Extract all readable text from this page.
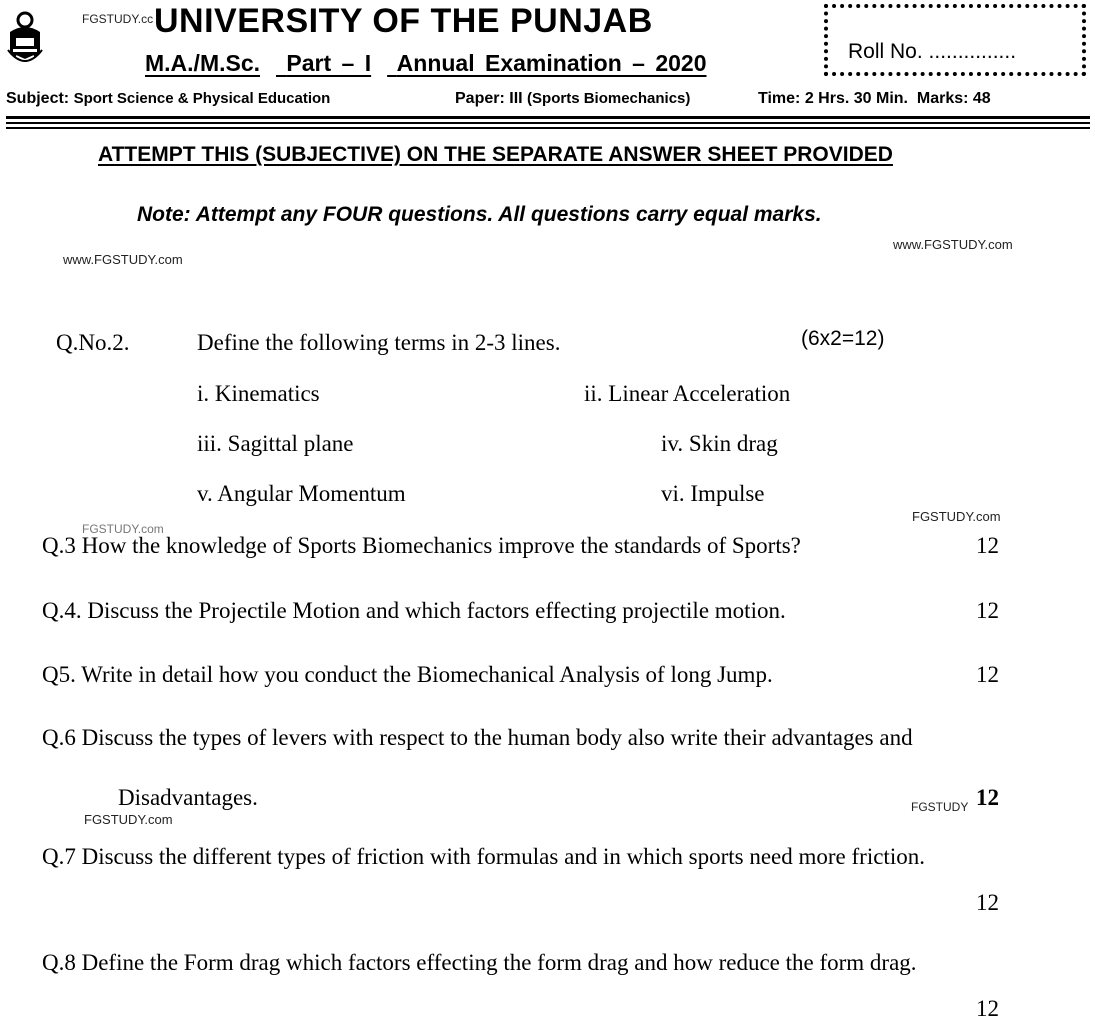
FGSTUDY.cc UNIVERSITY OF THE PUNJAB
M.A./M.Sc. Part – I Annual Examination – 2020	Roll No. ...............
Subject: Sport Science & Physical Education	Paper: III (Sports Biomechanics)	Time: 2 Hrs. 30 Min. Marks: 48
ATTEMPT THIS (SUBJECTIVE) ON THE SEPARATE ANSWER SHEET PROVIDED
Note: Attempt any FOUR questions. All questions carry equal marks.
www.FGSTUDY.com
www.FGSTUDY.com
FGSTUDY.com
FGSTUDY.com
FGSTUDY.com
FGSTUDY
Q.No.2.	Define the following terms in 2-3 lines.	(6x2=12)
i. Kinematics	ii. Linear Acceleration
iii. Sagittal plane	iv. Skin drag
v. Angular Momentum	vi. Impulse
Q.3 How the knowledge of Sports Biomechanics improve the standards of Sports?	12
Q.4. Discuss the Projectile Motion and which factors effecting projectile motion.	12
Q5. Write in detail how you conduct the Biomechanical Analysis of long Jump.	12
Q.6 Discuss the types of levers with respect to the human body also write their advantages and
Disadvantages.	12
Q.7 Discuss the different types of friction with formulas and in which sports need more friction.
12
Q.8 Define the Form drag which factors effecting the form drag and how reduce the form drag.
12
